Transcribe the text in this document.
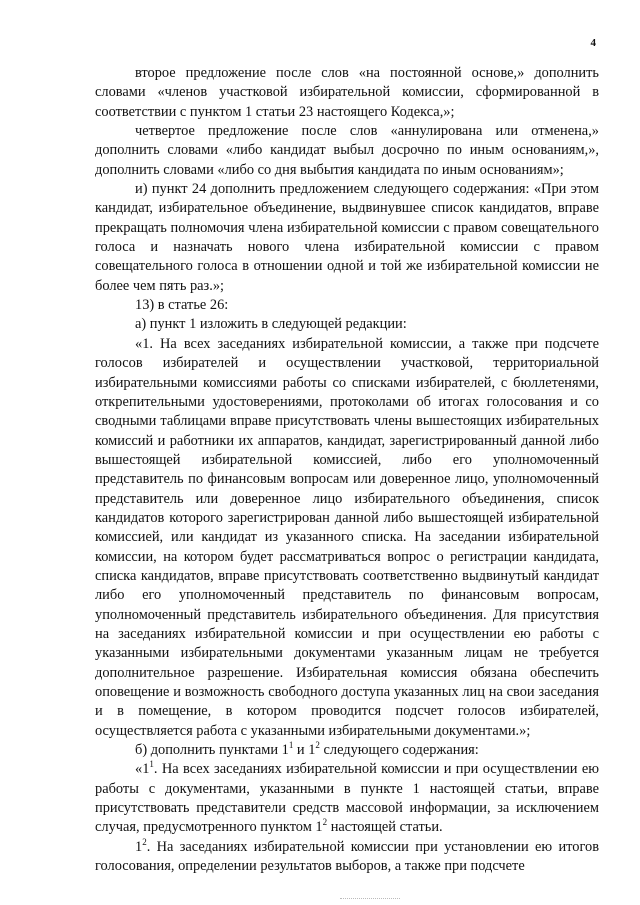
4

второе предложение после слов «на постоянной основе,» дополнить словами «членов участковой избирательной комиссии, сформированной в соответствии с пунктом 1 статьи 23 настоящего Кодекса,»;

четвертое предложение после слов «аннулирована или отменена,» дополнить словами «либо кандидат выбыл досрочно по иным основаниям,», дополнить словами «либо со дня выбытия кандидата по иным основаниям»;

и) пункт 24 дополнить предложением следующего содержания: «При этом кандидат, избирательное объединение, выдвинувшее список кандидатов, вправе прекращать полномочия члена избирательной комиссии с правом совещательного голоса и назначать нового члена избирательной комиссии с правом совещательного голоса в отношении одной и той же избирательной комиссии не более чем пять раз.»;

13) в статье 26:

а) пункт 1 изложить в следующей редакции:

«1. На всех заседаниях избирательной комиссии, а также при подсчете голосов избирателей и осуществлении участковой, территориальной избирательными комиссиями работы со списками избирателей, с бюллетенями, открепительными удостоверениями, протоколами об итогах голосования и со сводными таблицами вправе присутствовать члены вышестоящих избирательных комиссий и работники их аппаратов, кандидат, зарегистрированный данной либо вышестоящей избирательной комиссией, либо его уполномоченный представитель по финансовым вопросам или доверенное лицо, уполномоченный представитель или доверенное лицо избирательного объединения, список кандидатов которого зарегистрирован данной либо вышестоящей избирательной комиссией, или кандидат из указанного списка. На заседании избирательной комиссии, на котором будет рассматриваться вопрос о регистрации кандидата, списка кандидатов, вправе присутствовать соответственно выдвинутый кандидат либо его уполномоченный представитель по финансовым вопросам, уполномоченный представитель избирательного объединения. Для присутствия на заседаниях избирательной комиссии и при осуществлении ею работы с указанными избирательными документами указанным лицам не требуется дополнительное разрешение. Избирательная комиссия обязана обеспечить оповещение и возможность свободного доступа указанных лиц на свои заседания и в помещение, в котором проводится подсчет голосов избирателей, осуществляется работа с указанными избирательными документами.»;

б) дополнить пунктами $1^1$ и $1^2$ следующего содержания:

«$1^1$. На всех заседаниях избирательной комиссии и при осуществлении ею работы с документами, указанными в пункте 1 настоящей статьи, вправе присутствовать представители средств массовой информации, за исключением случая, предусмотренного пунктом $1^2$ настоящей статьи.

$1^2$. На заседаниях избирательной комиссии при установлении ею итогов голосования, определении результатов выборов, а также при подсчете
